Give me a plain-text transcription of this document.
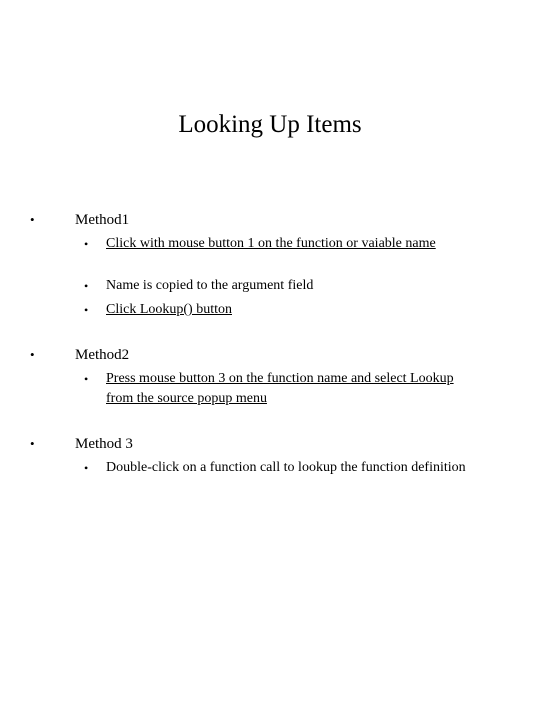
Looking Up Items
•	Method1
• Click with mouse button 1 on the function or vaiable name
• Name is copied to the argument field
• Click Lookup() button
•	Method2
• Press mouse button 3 on the function name and select Lookup from the source popup menu
•	Method 3
• Double-click on a function call to lookup the function definition
